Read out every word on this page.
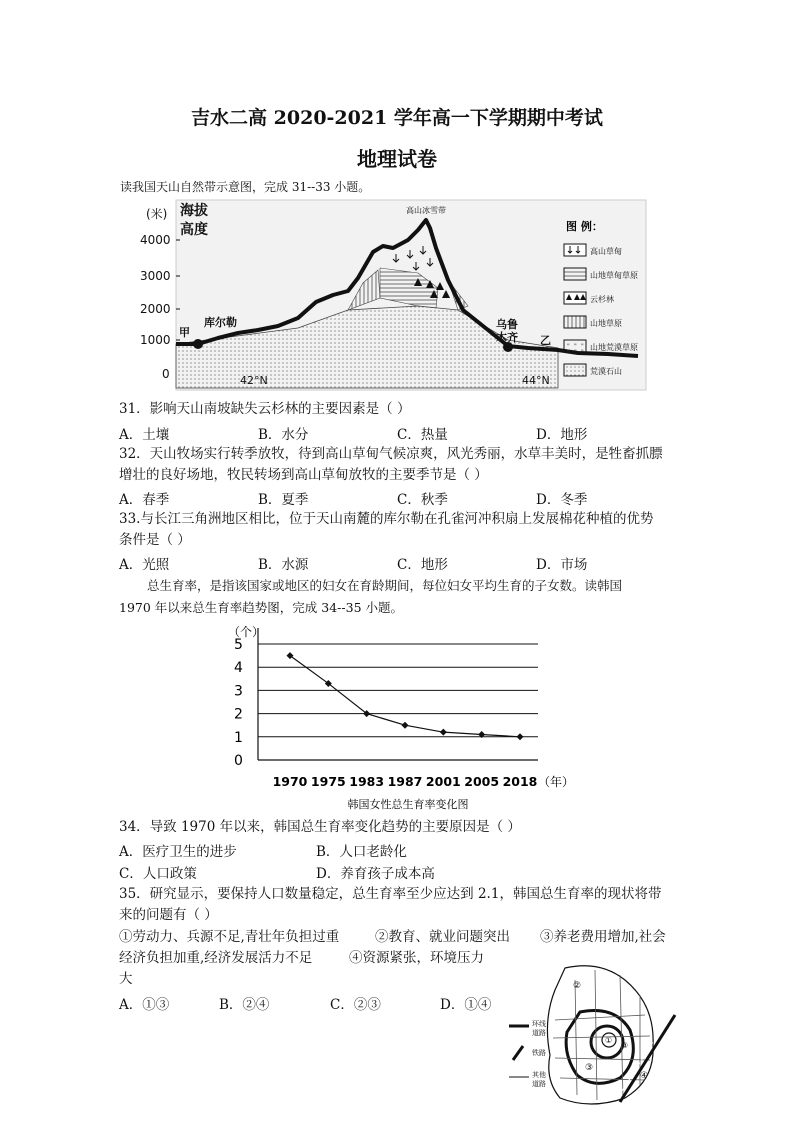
吉水二高 2020-2021 学年高一下学期期中考试
地理试卷
读我国天山自然带示意图，完成 31--33 小题。
(米) 海拔
高度
4000
3000
2000
1000
0
甲
库尔勒	乌鲁
木齐 乙
高山冰雪带
42°N	44°N
图 例：
高山草甸
山地草甸草原
云杉林
山地草原
山地荒漠草原
荒漠石山
31．影响天山南坡缺失云杉林的主要因素是（ ）
A．土壤	B．水分	C．热量	D．地形
32．天山牧场实行转季放牧，待到高山草甸气候凉爽，风光秀丽，水草丰美时，是牲畜抓膘
增壮的良好场地，牧民转场到高山草甸放牧的主要季节是（ ）
A．春季	B．夏季	C．秋季	D．冬季
33.与长江三角洲地区相比，位于天山南麓的库尔勒在孔雀河冲积扇上发展棉花种植的优势
条件是（ ）
A．光照	B．水源	C．地形	D．市场
总生育率，是指该国家或地区的妇女在育龄期间，每位妇女平均生育的子女数。读韩国
1970 年以来总生育率趋势图，完成 34--35 小题。
5
4
3
2
1
0
（个）
1970 1975 1983 1987 2001 2005 2018 （年）
韩国女性总生育率变化图
34．导致 1970 年以来，韩国总生育率变化趋势的主要原因是（ ）
A．医疗卫生的进步	B．人口老龄化
C．人口政策	D．养育孩子成本高
35．研究显示，要保持人口数量稳定，总生育率至少应达到 2.1，韩国总生育率的现状将带
来的问题有（ ）
①劳动力、兵源不足,青壮年负担过重	②教育、就业问题突出 ③养老费用增加,社会
经济负担加重,经济发展活力不足	④资源紧张，环境压力
大
A．①③	B．②④	C．②③	D．①④
②
③
④
①
③
环线
道路
铁路
其他
道路
